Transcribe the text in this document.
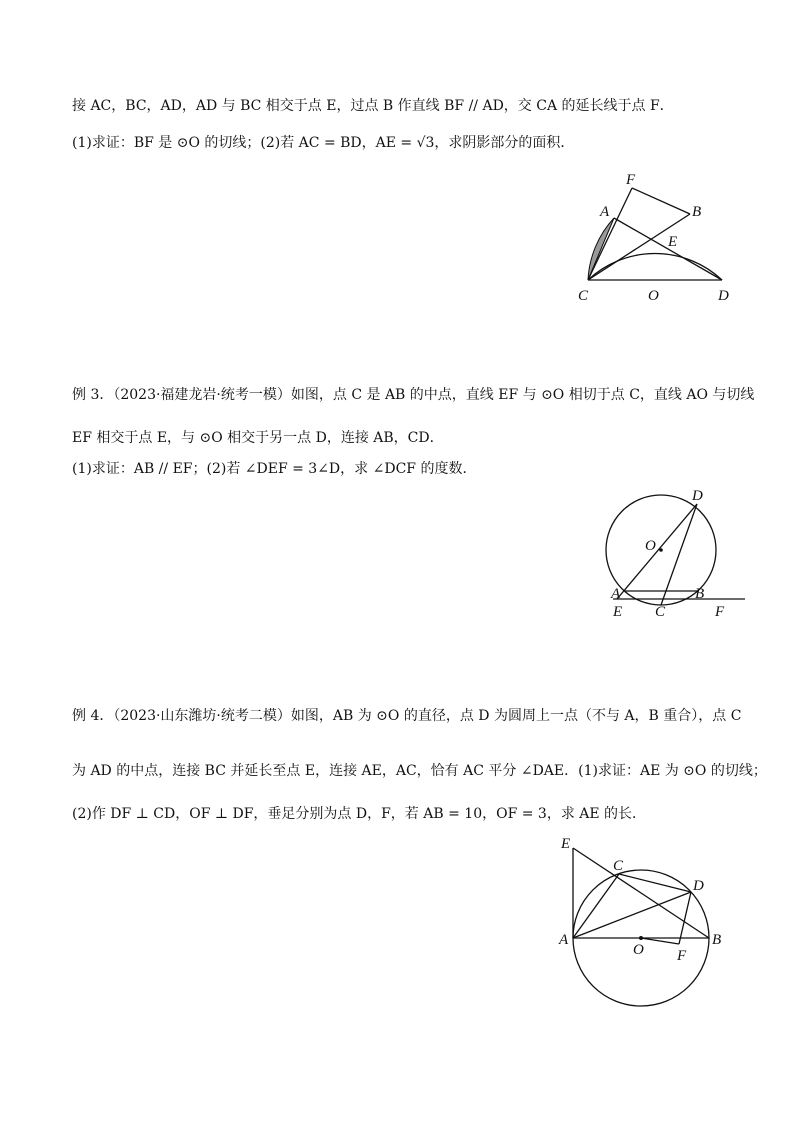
接 AC，BC，AD，AD 与 BC 相交于点 E，过点 B 作直线 BF // AD，交 CA 的延长线于点 F．
(1)求证：BF 是 ⊙O 的切线；(2)若 AC = BD，AE = √3，求阴影部分的面积．
F
A	B
E
C	O	D
例 3．（2023·福建龙岩·统考一模）如图，点 C 是 AB 的中点，直线 EF 与 ⊙O 相切于点 C，直线 AO 与切线
EF 相交于点 E，与 ⊙O 相交于另一点 D，连接 AB，CD．
(1)求证：AB // EF；(2)若 ∠DEF = 3∠D，求 ∠DCF 的度数．
D
O
A	B
E C	F
例 4．（2023·山东潍坊·统考二模）如图，AB 为 ⊙O 的直径，点 D 为圆周上一点（不与 A，B 重合），点 C
为 AD 的中点，连接 BC 并延长至点 E，连接 AE，AC，恰有 AC 平分 ∠DAE．(1)求证：AE 为 ⊙O 的切线；
(2)作 DF ⊥ CD，OF ⊥ DF，垂足分别为点 D，F，若 AB = 10，OF = 3，求 AE 的长．
E
C
D
A
O
B
F
